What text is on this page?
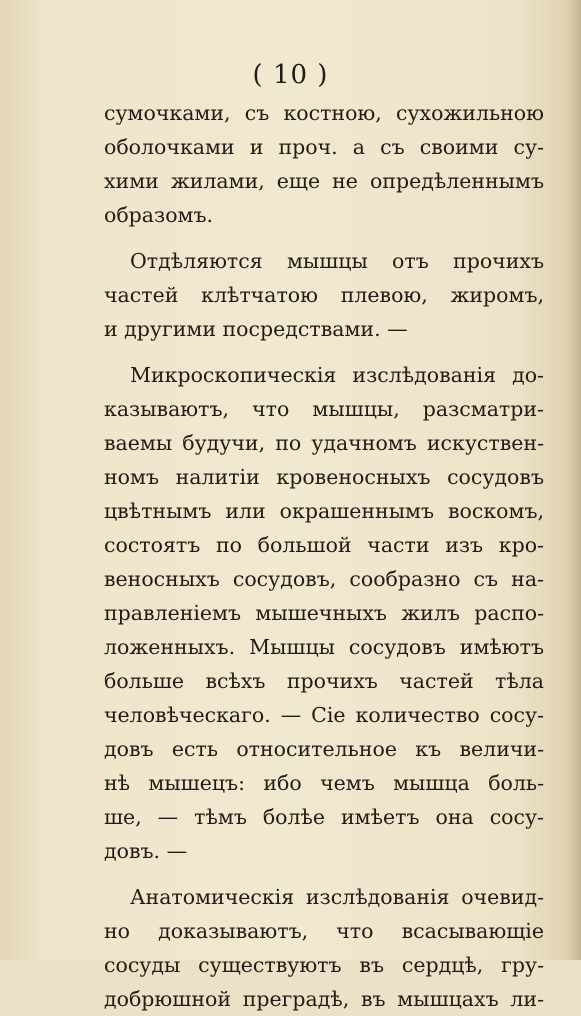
( 10 )
сумочками, съ костною, сухожильною
оболочками и проч. а съ своими су-
хими жилами, еще не опредѣленнымъ
образомъ.
Отдѣляются мышцы отъ прочихъ
частей клѣтчатою плевою, жиромъ,
и другими посредствами. —
Микроскопическія изслѣдованія до-
казываютъ, что мышцы, разсматри-
ваемы будучи, по удачномъ искуствен-
номъ налитіи кровеносныхъ сосудовъ
цвѣтнымъ или окрашеннымъ воскомъ,
состоятъ по большой части изъ кро-
веносныхъ сосудовъ, сообразно съ на-
правленіемъ мышечныхъ жилъ распо-
ложенныхъ. Мышцы сосудовъ имѣютъ
больше всѣхъ прочихъ частей тѣла
человѣческаго. — Сіе количество сосу-
довъ есть относительное къ величи-
нѣ мышецъ: ибо чемъ мышца боль-
ше, — тѣмъ болѣе имѣетъ она сосу-
довъ. —
Анатомическія изслѣдованія очевид-
но доказываютъ, что всасывающіе
сосуды существуютъ въ сердцѣ, гру-
добрюшной преградѣ, въ мышцахъ ли-
